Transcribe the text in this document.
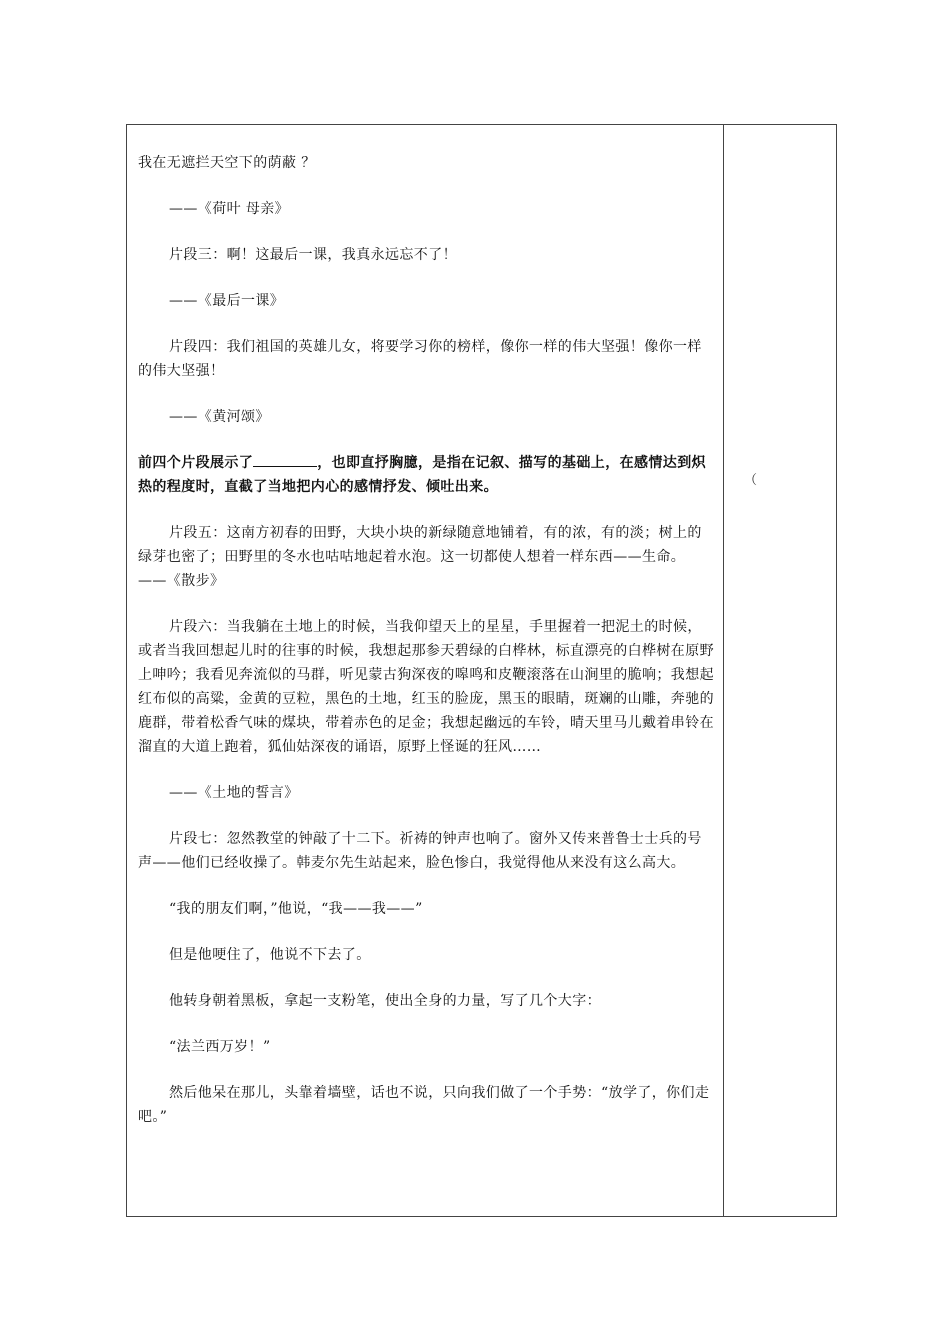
我在无遮拦天空下的荫蔽 ？

——《荷叶 母亲》

片段三：啊！这最后一课，我真永远忘不了！

——《最后一课》

片段四：我们祖国的英雄儿女，将要学习你的榜样，像你一样的伟大坚强！像你一样的伟大坚强！

——《黄河颂》

前四个片段展示了	，也即直抒胸臆，是指在记叙、描写的基础上，在感情达到炽热的程度时，直截了当地把内心的感情抒发、倾吐出来。

片段五：这南方初春的田野，大块小块的新绿随意地铺着，有的浓，有的淡；树上的绿芽也密了；田野里的冬水也咕咕地起着水泡。这一切都使人想着一样东西——生命。 ——《散步》

片段六：当我躺在土地上的时候，当我仰望天上的星星，手里握着一把泥土的时候，或者当我回想起儿时的往事的时候，我想起那参天碧绿的白桦林，标直漂亮的白桦树在原野上呻吟；我看见奔流似的马群，听见蒙古狗深夜的嗥鸣和皮鞭滚落在山涧里的脆响；我想起红布似的高粱，金黄的豆粒，黑色的土地，红玉的脸庞，黑玉的眼睛，斑斓的山雕，奔驰的鹿群，带着松香气味的煤块，带着赤色的足金；我想起幽远的车铃，晴天里马儿戴着串铃在溜直的大道上跑着，狐仙姑深夜的诵语，原野上怪诞的狂风……

——《土地的誓言》

片段七：忽然教堂的钟敲了十二下。祈祷的钟声也响了。窗外又传来普鲁士士兵的号声——他们已经收操了。韩麦尔先生站起来，脸色惨白，我觉得他从来没有这么高大。

“我的朋友们啊，”他说，“我——我——”

但是他哽住了，他说不下去了。

他转身朝着黑板，拿起一支粉笔，使出全身的力量，写了几个大字：

“法兰西万岁！”

然后他呆在那儿，头靠着墙壁，话也不说，只向我们做了一个手势：“放学了，你们走吧。”

（
